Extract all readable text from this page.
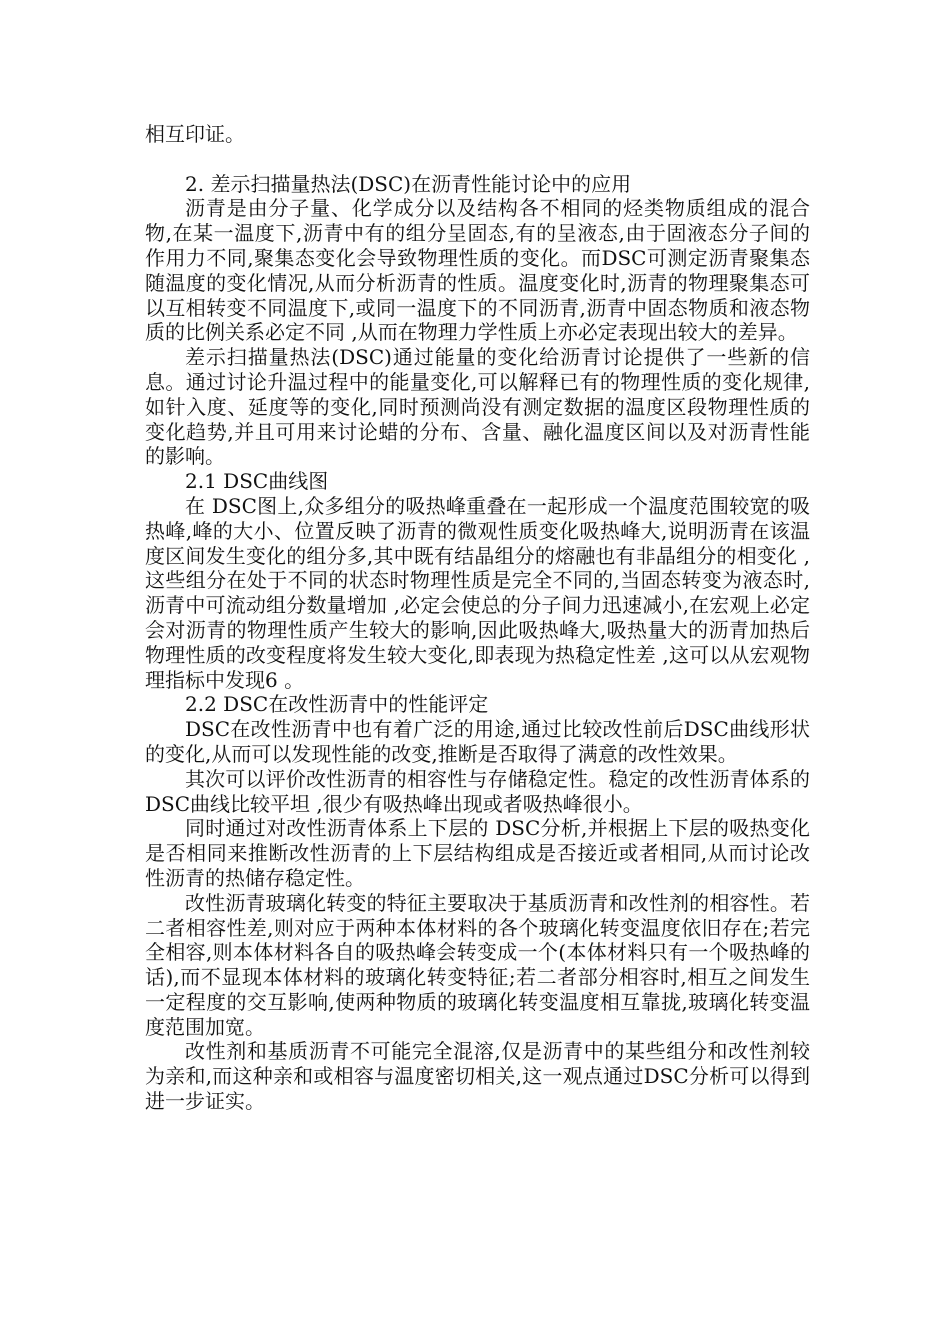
相互印证。

2. 差示扫描量热法(DSC)在沥青性能讨论中的应用

沥青是由分子量、化学成分以及结构各不相同的烃类物质组成的混合物,在某一温度下,沥青中有的组分呈固态,有的呈液态,由于固液态分子间的作用力不同,聚集态变化会导致物理性质的变化。而DSC可测定沥青聚集态随温度的变化情况,从而分析沥青的性质。温度变化时,沥青的物理聚集态可以互相转变不同温度下,或同一温度下的不同沥青,沥青中固态物质和液态物质的比例关系必定不同 ,从而在物理力学性质上亦必定表现出较大的差异。

差示扫描量热法(DSC)通过能量的变化给沥青讨论提供了一些新的信息。通过讨论升温过程中的能量变化,可以解释已有的物理性质的变化规律,如针入度、延度等的变化,同时预测尚没有测定数据的温度区段物理性质的变化趋势,并且可用来讨论蜡的分布、含量、融化温度区间以及对沥青性能的影响。

2.1 DSC曲线图

在 DSC图上,众多组分的吸热峰重叠在一起形成一个温度范围较宽的吸热峰,峰的大小、位置反映了沥青的微观性质变化吸热峰大,说明沥青在该温度区间发生变化的组分多,其中既有结晶组分的熔融也有非晶组分的相变化 ,这些组分在处于不同的状态时物理性质是完全不同的,当固态转变为液态时,沥青中可流动组分数量增加 ,必定会使总的分子间力迅速减小,在宏观上必定会对沥青的物理性质产生较大的影响,因此吸热峰大,吸热量大的沥青加热后物理性质的改变程度将发生较大变化,即表现为热稳定性差 ,这可以从宏观物理指标中发现6 。

2.2 DSC在改性沥青中的性能评定

DSC在改性沥青中也有着广泛的用途,通过比较改性前后DSC曲线形状的变化,从而可以发现性能的改变,推断是否取得了满意的改性效果。

其次可以评价改性沥青的相容性与存储稳定性。稳定的改性沥青体系的 DSC曲线比较平坦 ,很少有吸热峰出现或者吸热峰很小。

同时通过对改性沥青体系上下层的 DSC分析,并根据上下层的吸热变化是否相同来推断改性沥青的上下层结构组成是否接近或者相同,从而讨论改性沥青的热储存稳定性。

改性沥青玻璃化转变的特征主要取决于基质沥青和改性剂的相容性。若二者相容性差,则对应于两种本体材料的各个玻璃化转变温度依旧存在;若完全相容,则本体材料各自的吸热峰会转变成一个(本体材料只有一个吸热峰的话),而不显现本体材料的玻璃化转变特征;若二者部分相容时,相互之间发生一定程度的交互影响,使两种物质的玻璃化转变温度相互靠拢,玻璃化转变温度范围加宽。

改性剂和基质沥青不可能完全混溶,仅是沥青中的某些组分和改性剂较为亲和,而这种亲和或相容与温度密切相关,这一观点通过DSC分析可以得到进一步证实。
